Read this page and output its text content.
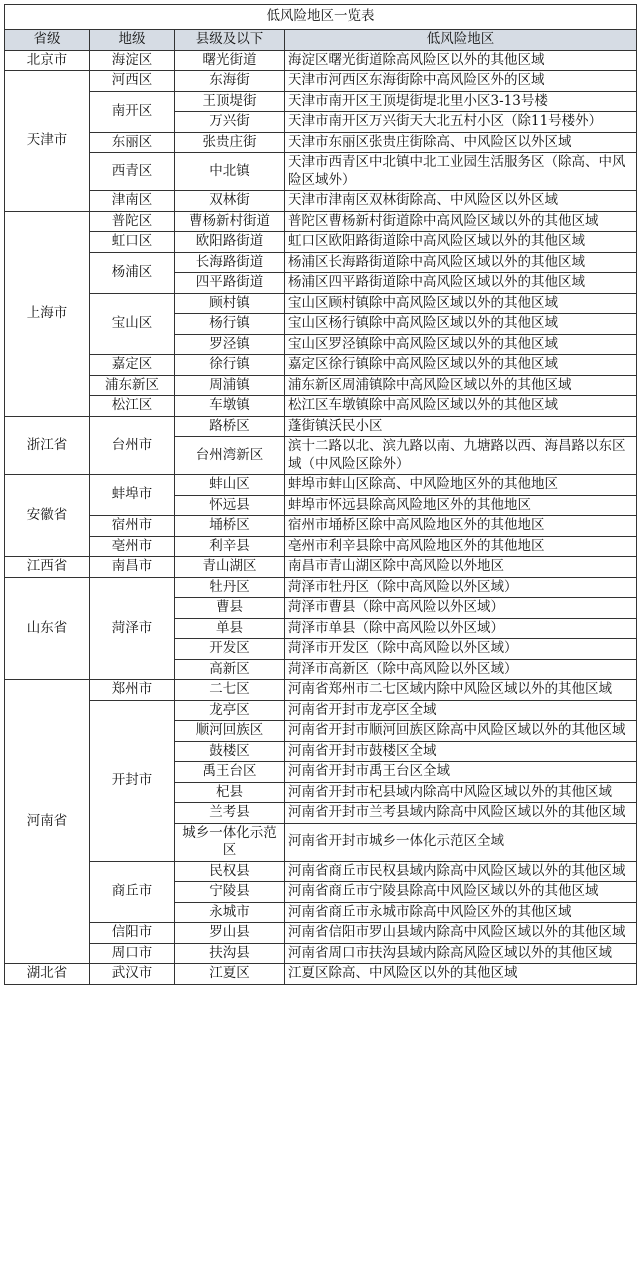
低风险地区一览表			
省级	地级	县级及以下	低风险地区
北京市	海淀区	曙光街道	海淀区曙光街道除高风险区以外的其他区域
天津市	河西区	东海街	天津市河西区东海街除中高风险区外的区域
	南开区	王顶堤街	天津市南开区王顶堤街堤北里小区3-13号楼
		万兴街	天津市南开区万兴街天大北五村小区（除11号楼外）
	东丽区	张贵庄街	天津市东丽区张贵庄街除高、中风险区以外区域
	西青区	中北镇	天津市西青区中北镇中北工业园生活服务区（除高、中风险区域外）
	津南区	双林街	天津市津南区双林街除高、中风险区以外区域
上海市	普陀区	曹杨新村街道	普陀区曹杨新村街道除中高风险区域以外的其他区域
	虹口区	欧阳路街道	虹口区欧阳路街道除中高风险区域以外的其他区域
	杨浦区	长海路街道	杨浦区长海路街道除中高风险区域以外的其他区域
		四平路街道	杨浦区四平路街道除中高风险区域以外的其他区域
	宝山区	顾村镇	宝山区顾村镇除中高风险区域以外的其他区域
		杨行镇	宝山区杨行镇除中高风险区域以外的其他区域
		罗泾镇	宝山区罗泾镇除中高风险区域以外的其他区域
	嘉定区	徐行镇	嘉定区徐行镇除中高风险区域以外的其他区域
	浦东新区	周浦镇	浦东新区周浦镇除中高风险区域以外的其他区域
	松江区	车墩镇	松江区车墩镇除中高风险区域以外的其他区域
浙江省	台州市	路桥区	蓬街镇沃民小区
		台州湾新区	滨十二路以北、滨九路以南、九塘路以西、海昌路以东区域（中风险区除外）
安徽省	蚌埠市	蚌山区	蚌埠市蚌山区除高、中风险地区外的其他地区
		怀远县	蚌埠市怀远县除高风险地区外的其他地区
	宿州市	埇桥区	宿州市埇桥区除中高风险地区外的其他地区
	亳州市	利辛县	亳州市利辛县除中高风险地区外的其他地区
江西省	南昌市	青山湖区	南昌市青山湖区除中高风险以外地区
山东省	菏泽市	牡丹区	菏泽市牡丹区（除中高风险以外区域）
		曹县	菏泽市曹县（除中高风险以外区域）
		单县	菏泽市单县（除中高风险以外区域）
		开发区	菏泽市开发区（除中高风险以外区域）
		高新区	菏泽市高新区（除中高风险以外区域）
河南省	郑州市	二七区	河南省郑州市二七区域内除中风险区域以外的其他区域
	开封市	龙亭区	河南省开封市龙亭区全域
		顺河回族区	河南省开封市顺河回族区除高中风险区域以外的其他区域
		鼓楼区	河南省开封市鼓楼区全域
		禹王台区	河南省开封市禹王台区全域
		杞县	河南省开封市杞县域内除高中风险区域以外的其他区域
		兰考县	河南省开封市兰考县域内除高中风险区域以外的其他区域
		城乡一体化示范区	河南省开封市城乡一体化示范区全域
	商丘市	民权县	河南省商丘市民权县域内除高中风险区域以外的其他区域
		宁陵县	河南省商丘市宁陵县除高中风险区域以外的其他区域
		永城市	河南省商丘市永城市除高中风险区外的其他区域
	信阳市	罗山县	河南省信阳市罗山县域内除高中风险区域以外的其他区域
	周口市	扶沟县	河南省周口市扶沟县域内除高风险区域以外的其他区域
湖北省	武汉市	江夏区	江夏区除高、中风险区以外的其他区域
